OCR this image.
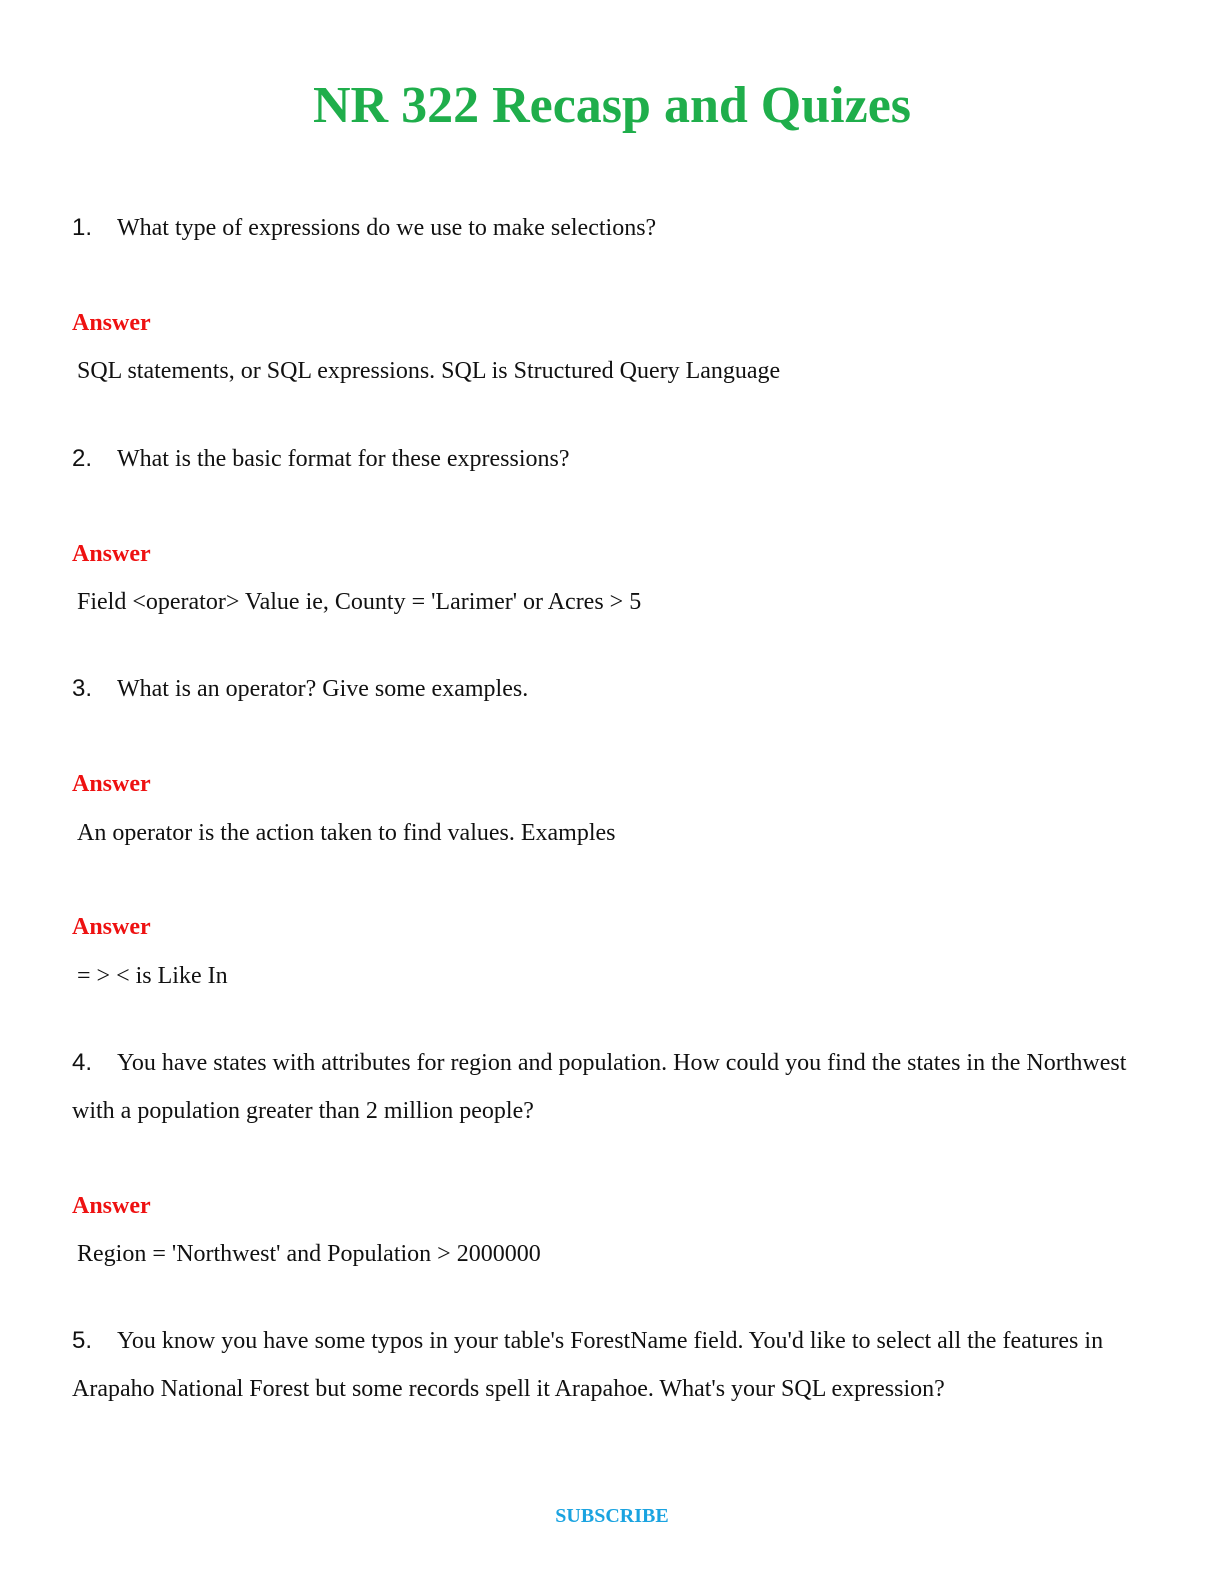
NR 322 Recasp and Quizes

1. What type of expressions do we use to make selections?

Answer

SQL statements, or SQL expressions. SQL is Structured Query Language

2. What is the basic format for these expressions?

Answer

Field <operator> Value ie, County = 'Larimer' or Acres > 5

3. What is an operator? Give some examples.

Answer

An operator is the action taken to find values. Examples

Answer

= > < is Like In

4. You have states with attributes for region and population. How could you find the states in the Northwest with a population greater than 2 million people?

Answer

Region = 'Northwest' and Population > 2000000

5. You know you have some typos in your table's ForestName field. You'd like to select all the features in Arapaho National Forest but some records spell it Arapahoe. What's your SQL expression?

SUBSCRIBE
